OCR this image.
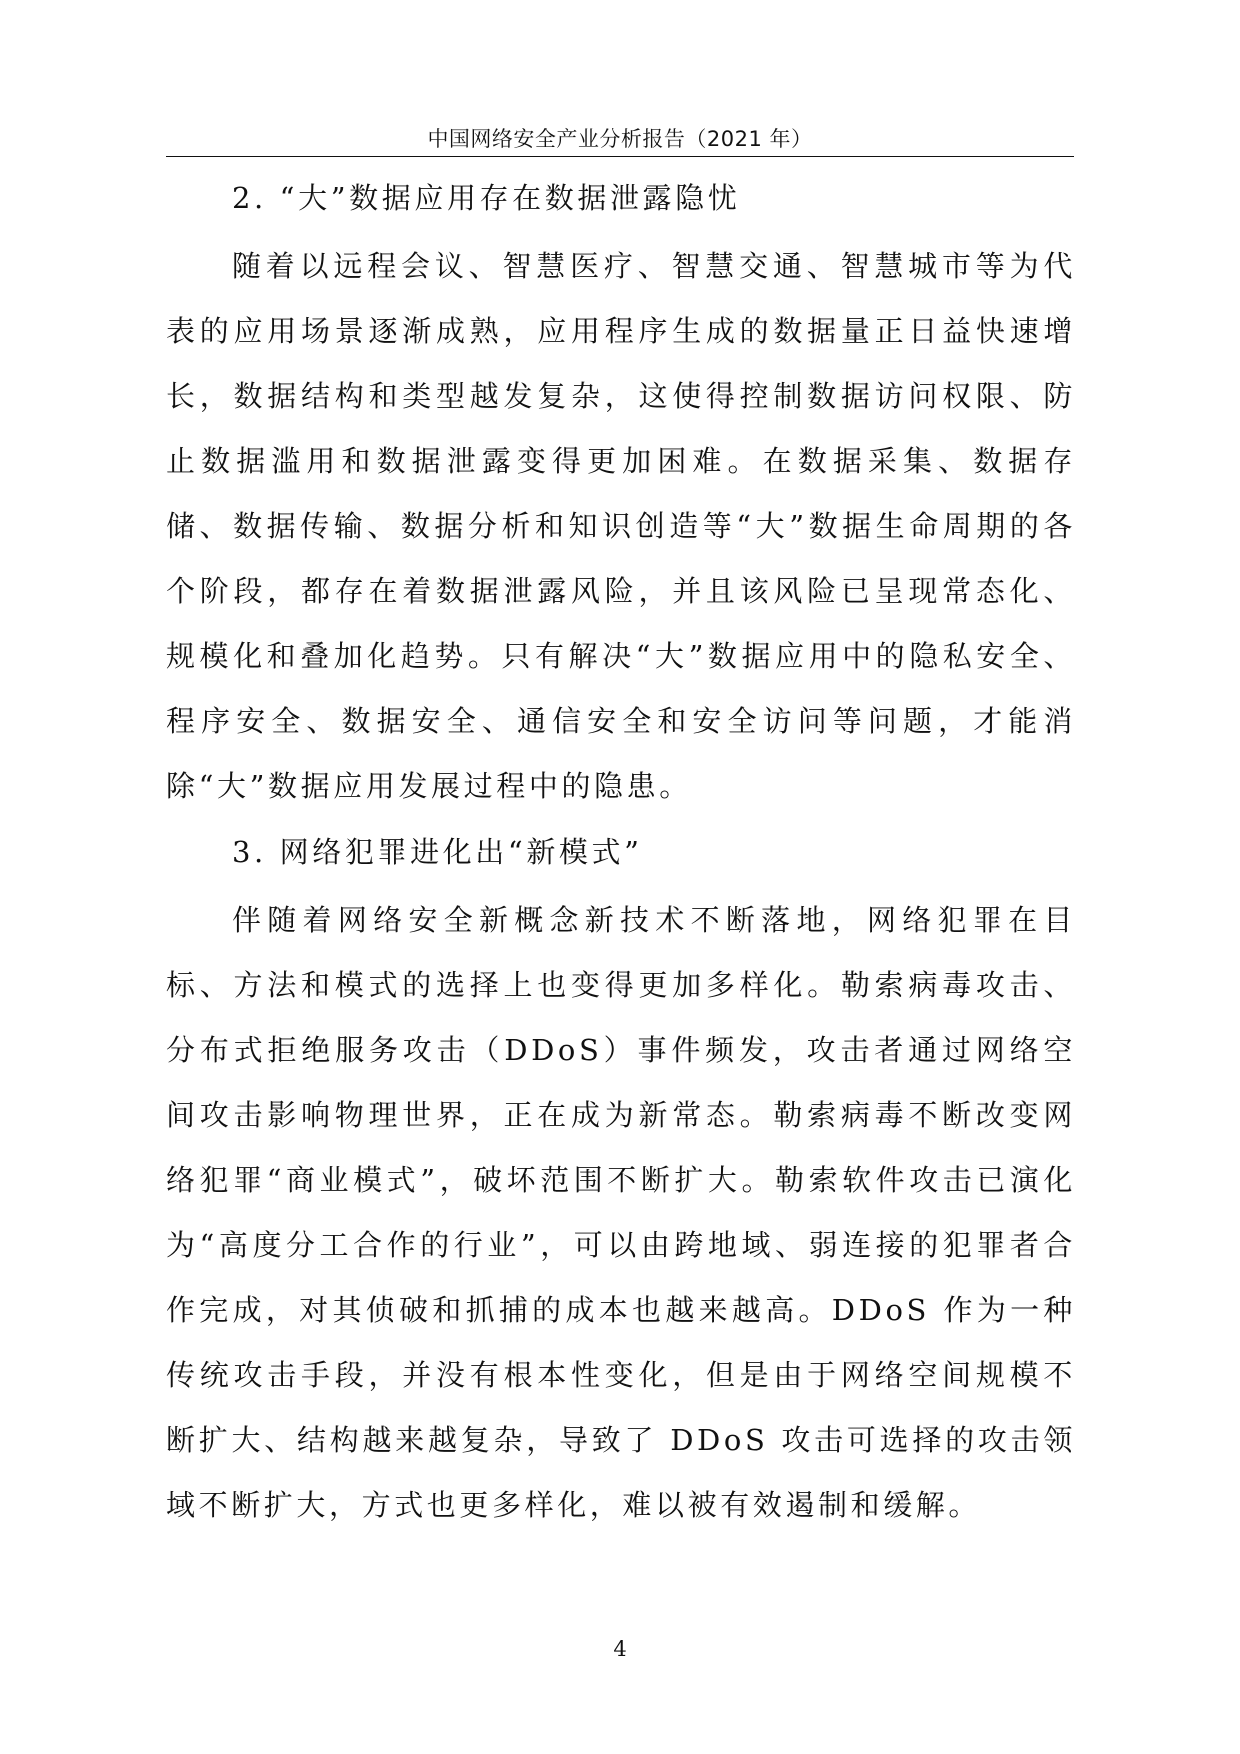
中国网络安全产业分析报告（2021 年）
2. “大”数据应用存在数据泄露隐忧

随着以远程会议、智慧医疗、智慧交通、智慧城市等为代表的应用场景逐渐成熟，应用程序生成的数据量正日益快速增长，数据结构和类型越发复杂，这使得控制数据访问权限、防止数据滥用和数据泄露变得更加困难。在数据采集、数据存储、数据传输、数据分析和知识创造等“大”数据生命周期的各个阶段，都存在着数据泄露风险，并且该风险已呈现常态化、规模化和叠加化趋势。只有解决“大”数据应用中的隐私安全、程序安全、数据安全、通信安全和安全访问等问题，才能消除“大”数据应用发展过程中的隐患。

3. 网络犯罪进化出“新模式”

伴随着网络安全新概念新技术不断落地，网络犯罪在目标、方法和模式的选择上也变得更加多样化。勒索病毒攻击、分布式拒绝服务攻击（DDoS）事件频发，攻击者通过网络空间攻击影响物理世界，正在成为新常态。勒索病毒不断改变网络犯罪“商业模式”，破坏范围不断扩大。勒索软件攻击已演化为“高度分工合作的行业”，可以由跨地域、弱连接的犯罪者合作完成，对其侦破和抓捕的成本也越来越高。DDoS 作为一种传统攻击手段，并没有根本性变化，但是由于网络空间规模不断扩大、结构越来越复杂，导致了 DDoS 攻击可选择的攻击领域不断扩大，方式也更多样化，难以被有效遏制和缓解。

4
